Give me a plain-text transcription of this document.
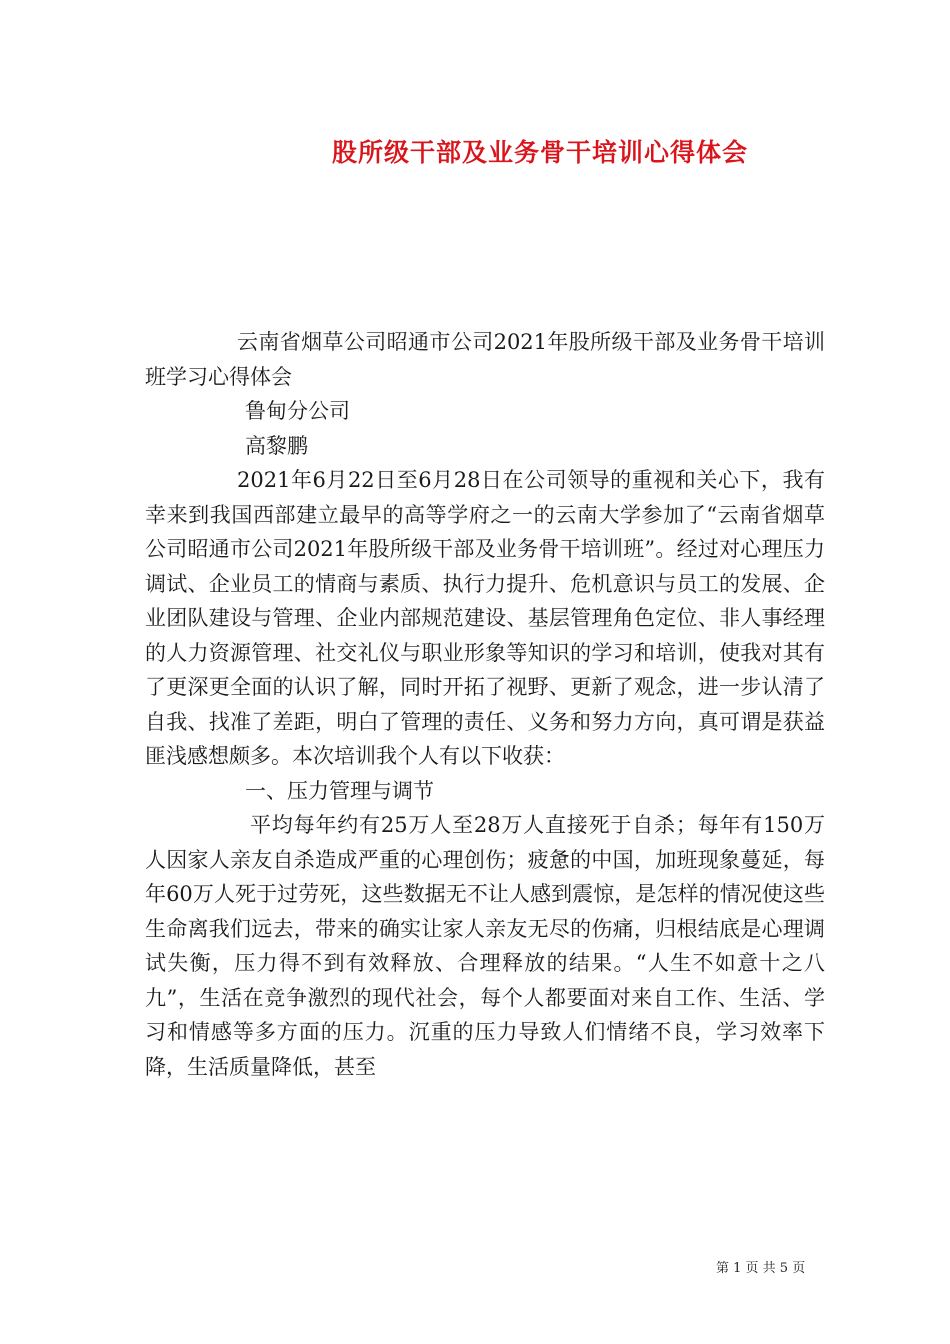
股所级干部及业务骨干培训心得体会

云南省烟草公司昭通市公司2021年股所级干部及业务骨干培训班学习心得体会

鲁甸分公司

高黎鹏

2021年6月22日至6月28日在公司领导的重视和关心下，我有幸来到我国西部建立最早的高等学府之一的云南大学参加了“云南省烟草公司昭通市公司2021年股所级干部及业务骨干培训班”。经过对心理压力调试、企业员工的情商与素质、执行力提升、危机意识与员工的发展、企业团队建设与管理、企业内部规范建设、基层管理角色定位、非人事经理的人力资源管理、社交礼仪与职业形象等知识的学习和培训，使我对其有了更深更全面的认识了解，同时开拓了视野、更新了观念，进一步认清了自我、找准了差距，明白了管理的责任、义务和努力方向，真可谓是获益匪浅感想颇多。本次培训我个人有以下收获：

一、压力管理与调节

平均每年约有25万人至28万人直接死于自杀；每年有150万人因家人亲友自杀造成严重的心理创伤；疲惫的中国，加班现象蔓延，每年60万人死于过劳死，这些数据无不让人感到震惊，是怎样的情况使这些生命离我们远去，带来的确实让家人亲友无尽的伤痛，归根结底是心理调试失衡，压力得不到有效释放、合理释放的结果。“人生不如意十之八九”，生活在竞争激烈的现代社会，每个人都要面对来自工作、生活、学习和情感等多方面的压力。沉重的压力导致人们情绪不良，学习效率下降，生活质量降低，甚至

第 1 页 共 5 页
